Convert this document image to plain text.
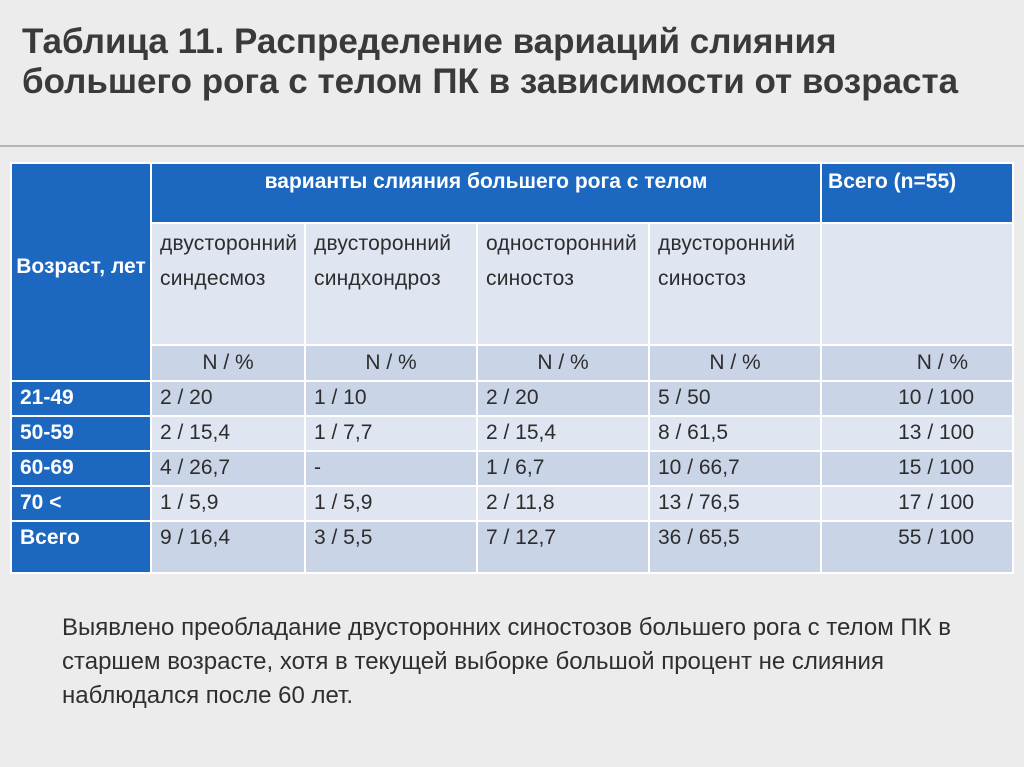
Таблица 11. Распределение вариаций слияния большего рога с телом ПК в зависимости от возраста
Возраст, лет	варианты слияния большего рога с телом				Всего (n=55)
	двусторонний синдесмоз	двусторонний синдхондроз	односторонний синостоз	двусторонний синостоз	
	N / %	N / %	N / %	N / %	N / %
21-49	2 / 20	1 / 10	2 / 20	5 / 50	10 / 100
50-59	2 / 15,4	1 / 7,7	2 / 15,4	8 / 61,5	13 / 100
60-69	4 / 26,7	-	1 / 6,7	10 / 66,7	15 / 100
70 <	1 / 5,9	1 / 5,9	2 / 11,8	13 / 76,5	17 / 100
Всего	9 / 16,4	3 / 5,5	7 / 12,7	36 / 65,5	55 / 100

Выявлено преобладание двусторонних синостозов большего рога с телом ПК в старшем возрасте, хотя в текущей выборке большой процент не слияния наблюдался после 60 лет.
